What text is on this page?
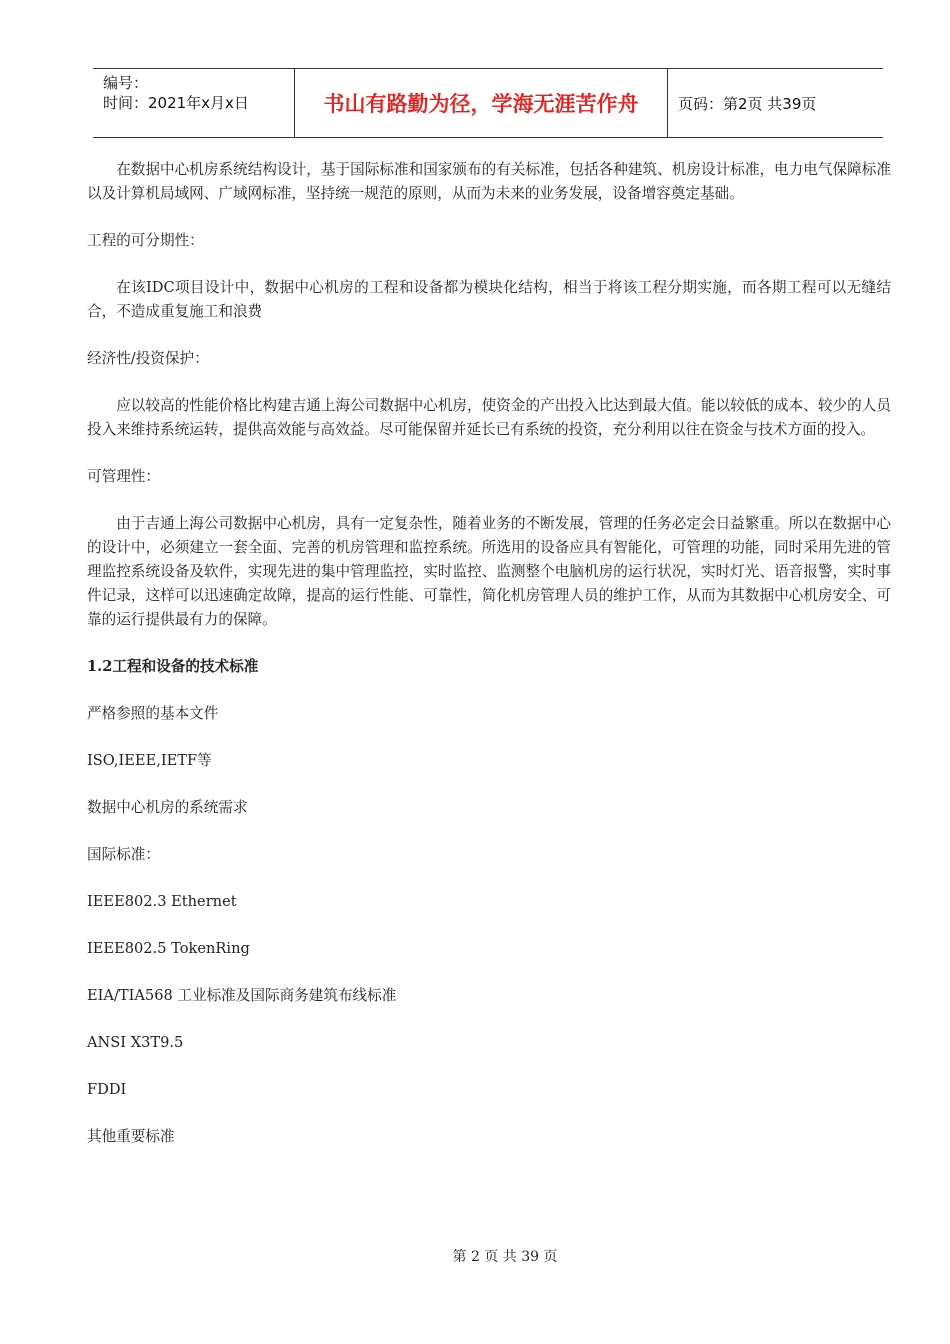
编号：
时间：2021年x月x日	书山有路勤为径，学海无涯苦作舟	页码：第2页 共39页

在数据中心机房系统结构设计，基于国际标准和国家颁布的有关标准，包括各种建筑、机房设计标准，电力电气保障标准以及计算机局域网、广域网标准，坚持统一规范的原则，从而为未来的业务发展，设备增容奠定基础。

工程的可分期性：

在该IDC项目设计中，数据中心机房的工程和设备都为模块化结构，相当于将该工程分期实施，而各期工程可以无缝结合，不造成重复施工和浪费

经济性/投资保护：

应以较高的性能价格比构建吉通上海公司数据中心机房，使资金的产出投入比达到最大值。能以较低的成本、较少的人员投入来维持系统运转，提供高效能与高效益。尽可能保留并延长已有系统的投资，充分利用以往在资金与技术方面的投入。

可管理性：

由于吉通上海公司数据中心机房，具有一定复杂性，随着业务的不断发展，管理的任务必定会日益繁重。所以在数据中心的设计中，必须建立一套全面、完善的机房管理和监控系统。所选用的设备应具有智能化，可管理的功能，同时采用先进的管理监控系统设备及软件，实现先进的集中管理监控，实时监控、监测整个电脑机房的运行状况，实时灯光、语音报警，实时事件记录，这样可以迅速确定故障，提高的运行性能、可靠性，简化机房管理人员的维护工作，从而为其数据中心机房安全、可靠的运行提供最有力的保障。

1.2工程和设备的技术标准

严格参照的基本文件

ISO,IEEE,IETF等

数据中心机房的系统需求

国际标准：

IEEE802.3 Ethernet

IEEE802.5 TokenRing

EIA/TIA568 工业标准及国际商务建筑布线标准

ANSI X3T9.5

FDDI

其他重要标准

第 2 页 共 39 页
